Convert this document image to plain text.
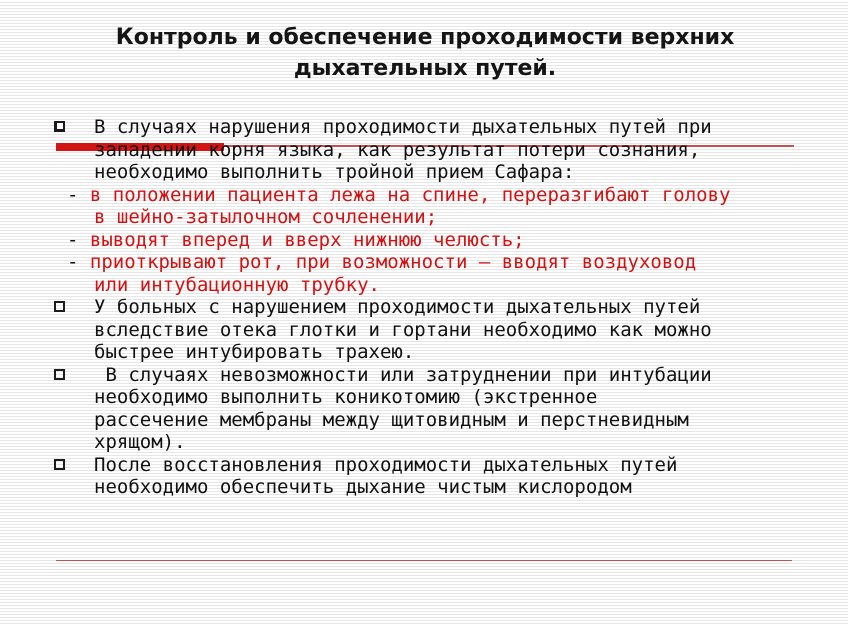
Контроль и обеспечение проходимости верхних
дыхательных путей.
В случаях нарушения проходимости дыхательных путей при
западении корня языка, как результат потери сознания,
необходимо выполнить тройной прием Сафара:
- в положении пациента лежа на спине, переразгибают голову
в шейно-затылочном сочленении;
- выводят вперед и вверх нижнюю челюсть;
- приоткрывают рот, при возможности – вводят воздуховод
или интубационную трубку.
У больных с нарушением проходимости дыхательных путей
вследствие отека глотки и гортани необходимо как можно
быстрее интубировать трахею.
В случаях невозможности или затруднении при интубации
необходимо выполнить коникотомию (экстренное
рассечение мембраны между щитовидным и перстневидным
хрящом).
После восстановления проходимости дыхательных путей
необходимо обеспечить дыхание чистым кислородом
